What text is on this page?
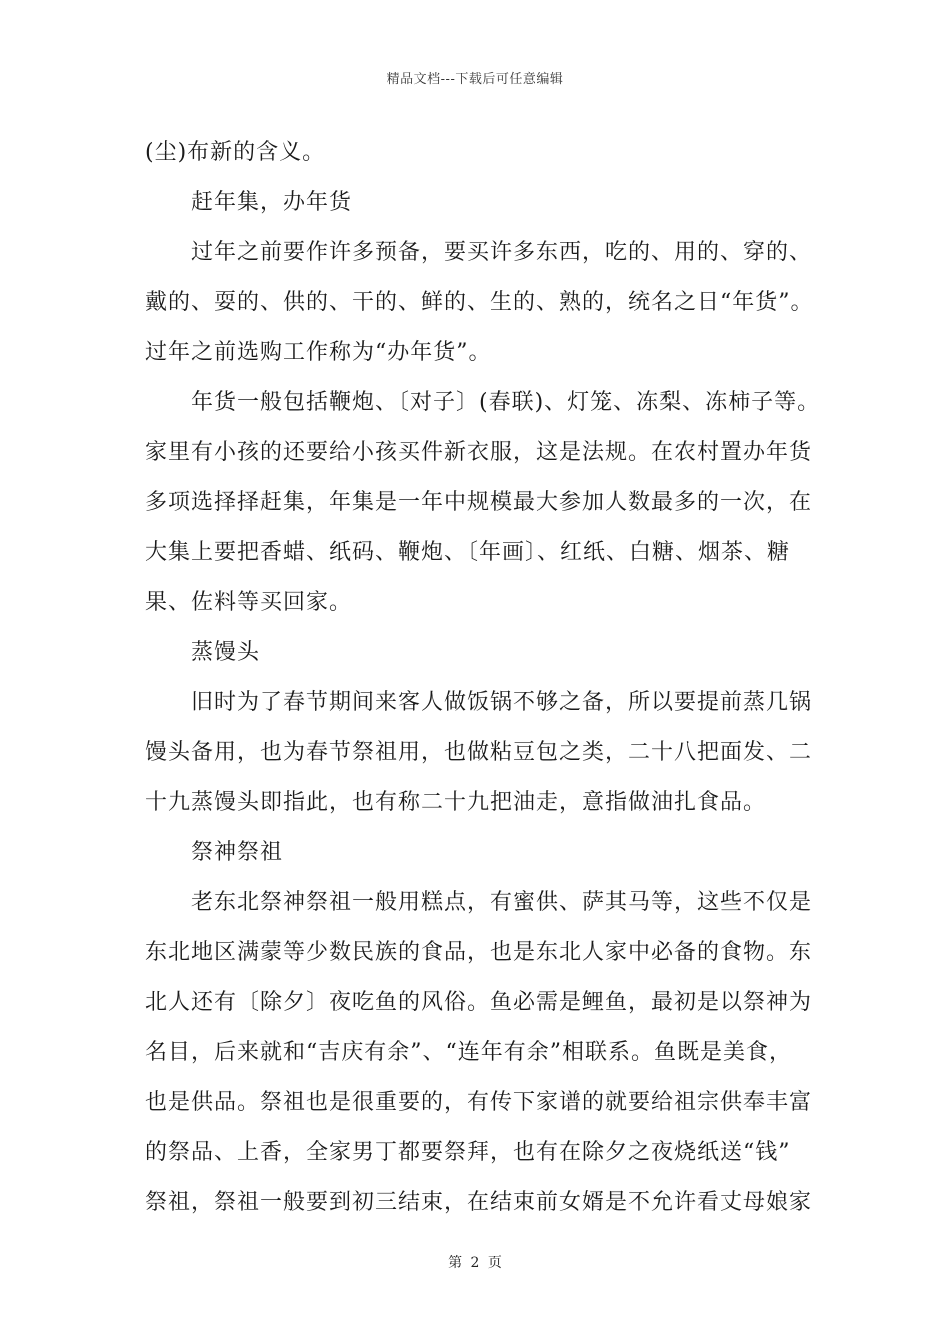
精品文档---下载后可任意编辑
(尘)布新的含义。
赶年集，办年货
过年之前要作许多预备，要买许多东西，吃的、用的、穿的、
戴的、耍的、供的、干的、鲜的、生的、熟的，统名之日“年货”。
过年之前选购工作称为“办年货”。
年货一般包括鞭炮、〔对子〕(春联)、灯笼、冻梨、冻柿子等。
家里有小孩的还要给小孩买件新衣服，这是法规。在农村置办年货
多项选择择赶集，年集是一年中规模最大参加人数最多的一次，在
大集上要把香蜡、纸码、鞭炮、〔年画〕、红纸、白糖、烟茶、糖
果、佐料等买回家。
蒸馒头
旧时为了春节期间来客人做饭锅不够之备，所以要提前蒸几锅
馒头备用，也为春节祭祖用，也做粘豆包之类，二十八把面发、二
十九蒸馒头即指此，也有称二十九把油走，意指做油扎食品。
祭神祭祖
老东北祭神祭祖一般用糕点，有蜜供、萨其马等，这些不仅是
东北地区满蒙等少数民族的食品，也是东北人家中必备的食物。东
北人还有〔除夕〕夜吃鱼的风俗。鱼必需是鲤鱼，最初是以祭神为
名目，后来就和“吉庆有余”、“连年有余”相联系。鱼既是美食，
也是供品。祭祖也是很重要的，有传下家谱的就要给祖宗供奉丰富
的祭品、上香，全家男丁都要祭拜，也有在除夕之夜烧纸送“钱”
祭祖，祭祖一般要到初三结束，在结束前女婿是不允许看丈母娘家
第 2 页
